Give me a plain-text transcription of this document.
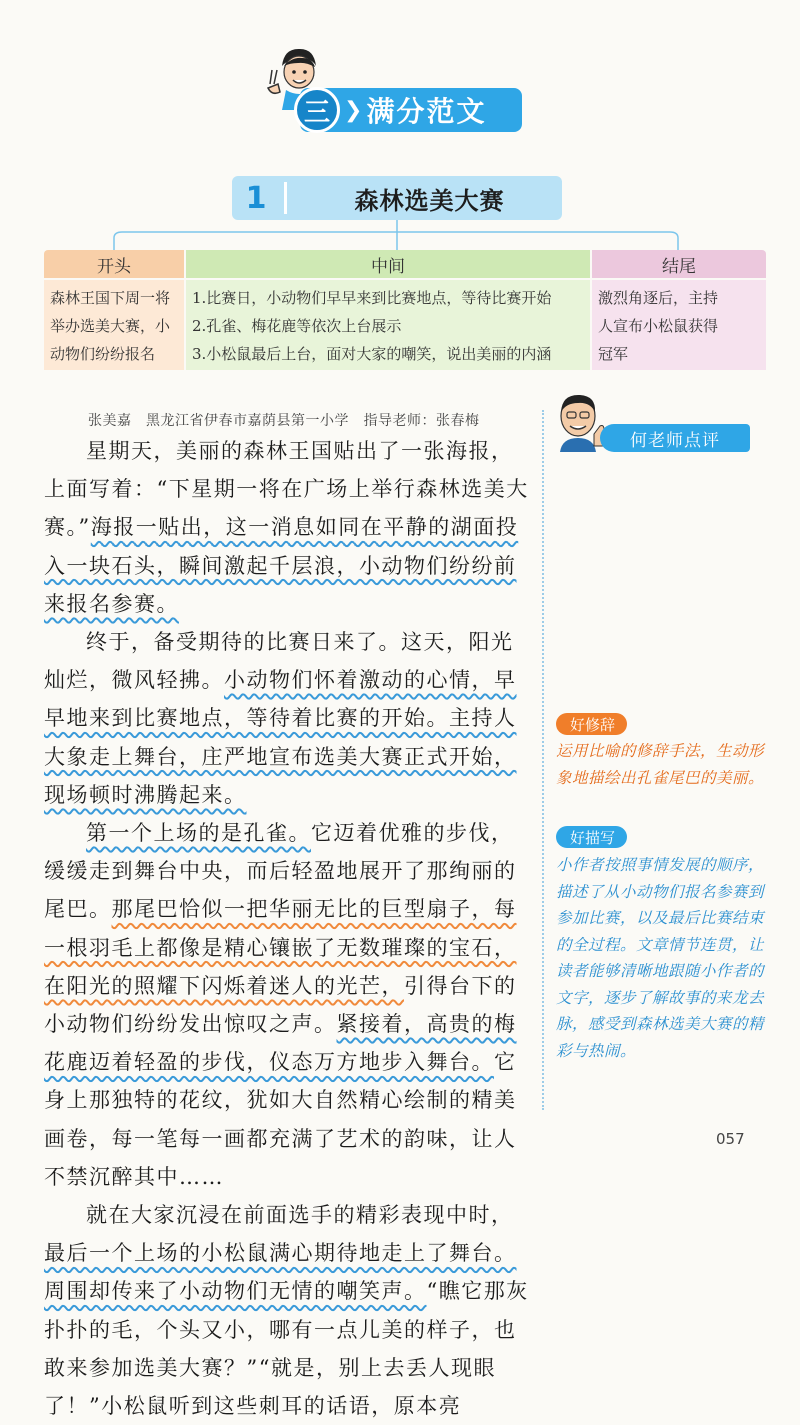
三 ❯ 满分范文
1	森林选美大赛
开头
森林王国下周一将
举办选美大赛，小
动物们纷纷报名
中间
1.比赛日，小动物们早早来到比赛地点，等待比赛开始
2.孔雀、梅花鹿等依次上台展示
3.小松鼠最后上台，面对大家的嘲笑，说出美丽的内涵
结尾
激烈角逐后，主持
人宣布小松鼠获得
冠军
张美嘉　黑龙江省伊春市嘉荫县第一小学　指导老师：张春梅

星期天，美丽的森林王国贴出了一张海报，上面写着：“下星期一将在广场上举行森林选美大赛。”海报一贴出，这一消息如同在平静的湖面投入一块石头，瞬间激起千层浪，小动物们纷纷前来报名参赛。

终于，备受期待的比赛日来了。这天，阳光灿烂，微风轻拂。小动物们怀着激动的心情，早早地来到比赛地点，等待着比赛的开始。主持人大象走上舞台，庄严地宣布选美大赛正式开始，现场顿时沸腾起来。

第一个上场的是孔雀。它迈着优雅的步伐，缓缓走到舞台中央，而后轻盈地展开了那绚丽的尾巴。那尾巴恰似一把华丽无比的巨型扇子，每一根羽毛上都像是精心镶嵌了无数璀璨的宝石，在阳光的照耀下闪烁着迷人的光芒，引得台下的小动物们纷纷发出惊叹之声。紧接着，高贵的梅花鹿迈着轻盈的步伐，仪态万方地步入舞台。它身上那独特的花纹，犹如大自然精心绘制的精美画卷，每一笔每一画都充满了艺术的韵味，让人不禁沉醉其中……

就在大家沉浸在前面选手的精彩表现中时，最后一个上场的小松鼠满心期待地走上了舞台。周围却传来了小动物们无情的嘲笑声。“瞧它那灰扑扑的毛，个头又小，哪有一点儿美的样子，也敢来参加选美大赛？”“就是，别上去丢人现眼了！”小松鼠听到这些刺耳的话语，原本亮

何老师点评
好修辞
运用比喻的修辞手法，生动形象地描绘出孔雀尾巴的美丽。
好描写
小作者按照事情发展的顺序，描述了从小动物们报名参赛到参加比赛，以及最后比赛结束的全过程。文章情节连贯，让读者能够清晰地跟随小作者的文字，逐步了解故事的来龙去脉，感受到森林选美大赛的精彩与热闹。
057
